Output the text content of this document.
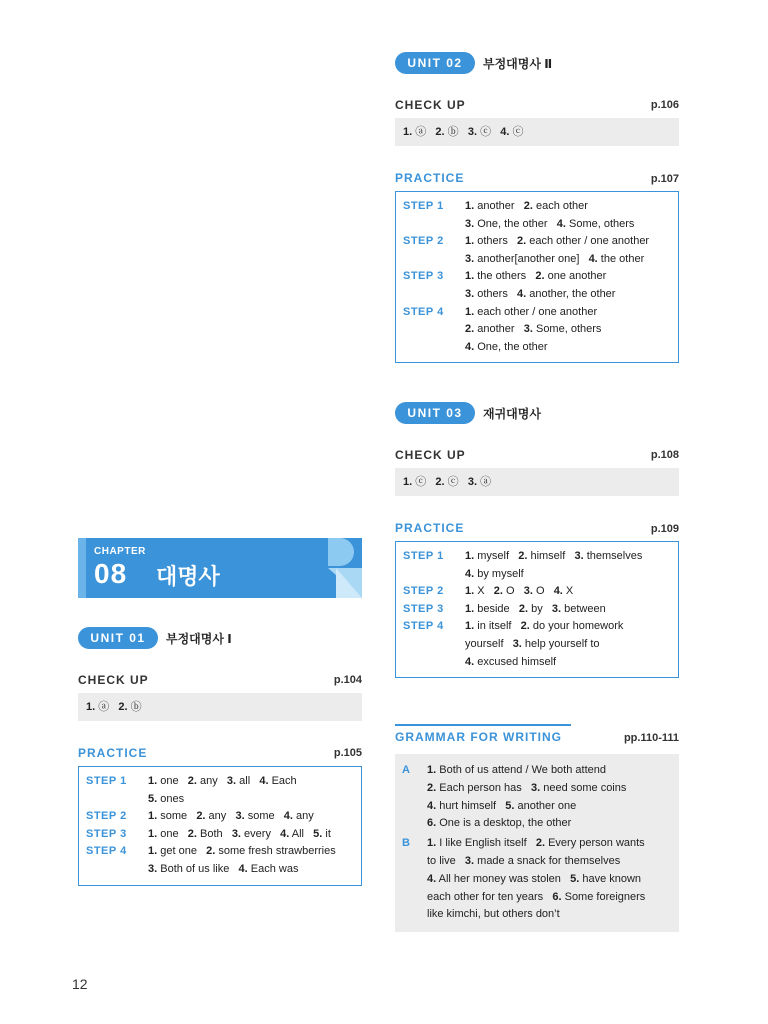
CHAPTER
08 대명사
UNIT 01	부정대명사 Ⅰ
CHECK UP	p.104
1. ⓐ   2. ⓑ
PRACTICE	p.105
STEP 1	1. one   2. any   3. all   4. Each
5. ones
STEP 2	1. some   2. any   3. some   4. any
STEP 3	1. one   2. Both   3. every   4. All   5. it
STEP 4	1. get one   2. some fresh strawberries
3. Both of us like   4. Each was
12
UNIT 02	부정대명사 Ⅱ
CHECK UP	p.106
1. ⓐ   2. ⓑ   3. ⓒ   4. ⓒ
PRACTICE	p.107
STEP 1	1. another   2. each other
3. One, the other   4. Some, others
STEP 2	1. others   2. each other / one another
3. another[another one]   4. the other
STEP 3	1. the others   2. one another
3. others   4. another, the other
STEP 4	1. each other / one another
2. another   3. Some, others
4. One, the other
UNIT 03	재귀대명사
CHECK UP	p.108
1. ⓒ   2. ⓒ   3. ⓐ
PRACTICE	p.109
STEP 1	1. myself   2. himself   3. themselves
4. by myself
STEP 2	1. X   2. O   3. O   4. X
STEP 3	1. beside   2. by   3. between
STEP 4	1. in itself   2. do your homework
yourself   3. help yourself to
4. excused himself
GRAMMAR FOR WRITING	pp.110-111
A	1. Both of us attend / We both attend
2. Each person has   3. need some coins
4. hurt himself   5. another one
6. One is a desktop, the other
B	1. I like English itself   2. Every person wants
to live   3. made a snack for themselves
4. All her money was stolen   5. have known
each other for ten years   6. Some foreigners
like kimchi, but others don’t
